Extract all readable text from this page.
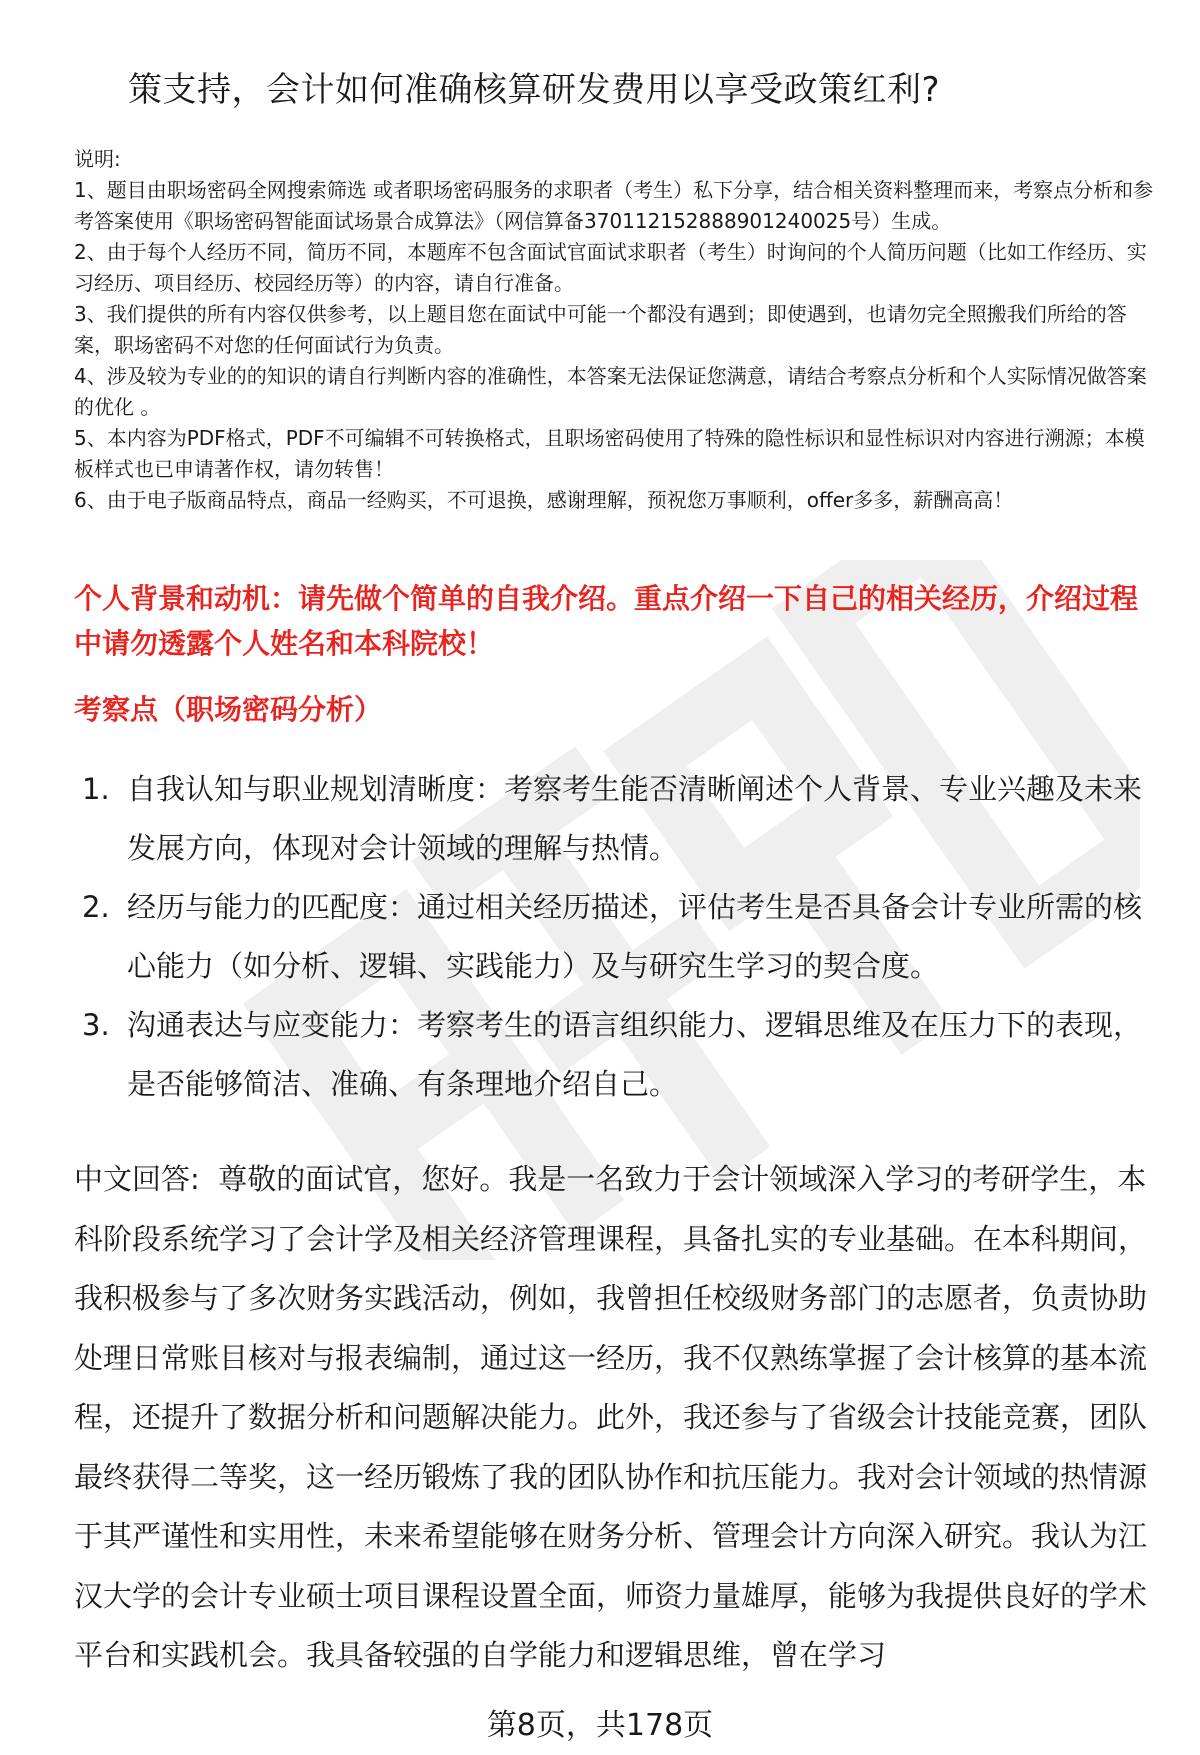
策支持，会计如何准确核算研发费用以享受政策红利?

说明:

1、题目由职场密码全网搜索筛选 或者职场密码服务的求职者（考生）私下分享，结合相关资料整理而来，考察点分析和参考答案使用《职场密码智能面试场景合成算法》（网信算备370112152888901240025号）生成。

2、由于每个人经历不同，简历不同，本题库不包含面试官面试求职者（考生）时询问的个人简历问题（比如工作经历、实习经历、项目经历、校园经历等）的内容，请自行准备。

3、我们提供的所有内容仅供参考，以上题目您在面试中可能一个都没有遇到；即使遇到，也请勿完全照搬我们所给的答案，职场密码不对您的任何面试行为负责。

4、涉及较为专业的的知识的请自行判断内容的准确性，本答案无法保证您满意，请结合考察点分析和个人实际情况做答案的优化 。

5、本内容为PDF格式，PDF不可编辑不可转换格式，且职场密码使用了特殊的隐性标识和显性标识对内容进行溯源；本模板样式也已申请著作权，请勿转售！

6、由于电子版商品特点，商品一经购买，不可退换，感谢理解，预祝您万事顺利，offer多多，薪酬高高！

个人背景和动机：请先做个简单的自我介绍。重点介绍一下自己的相关经历，介绍过程中请勿透露个人姓名和本科院校！

考察点（职场密码分析）

1. 自我认知与职业规划清晰度：考察考生能否清晰阐述个人背景、专业兴趣及未来发展方向，体现对会计领域的理解与热情。
2. 经历与能力的匹配度：通过相关经历描述，评估考生是否具备会计专业所需的核心能力（如分析、逻辑、实践能力）及与研究生学习的契合度。
3. 沟通表达与应变能力：考察考生的语言组织能力、逻辑思维及在压力下的表现，是否能够简洁、准确、有条理地介绍自己。

中文回答: 尊敬的面试官，您好。我是一名致力于会计领域深入学习的考研学生，本科阶段系统学习了会计学及相关经济管理课程，具备扎实的专业基础。在本科期间，我积极参与了多次财务实践活动，例如，我曾担任校级财务部门的志愿者，负责协助处理日常账目核对与报表编制，通过这一经历，我不仅熟练掌握了会计核算的基本流程，还提升了数据分析和问题解决能力。此外，我还参与了省级会计技能竞赛，团队最终获得二等奖，这一经历锻炼了我的团队协作和抗压能力。我对会计领域的热情源于其严谨性和实用性，未来希望能够在财务分析、管理会计方向深入研究。我认为江汉大学的会计专业硕士项目课程设置全面，师资力量雄厚，能够为我提供良好的学术平台和实践机会。我具备较强的自学能力和逻辑思维，曾在学习

第8页，共178页
